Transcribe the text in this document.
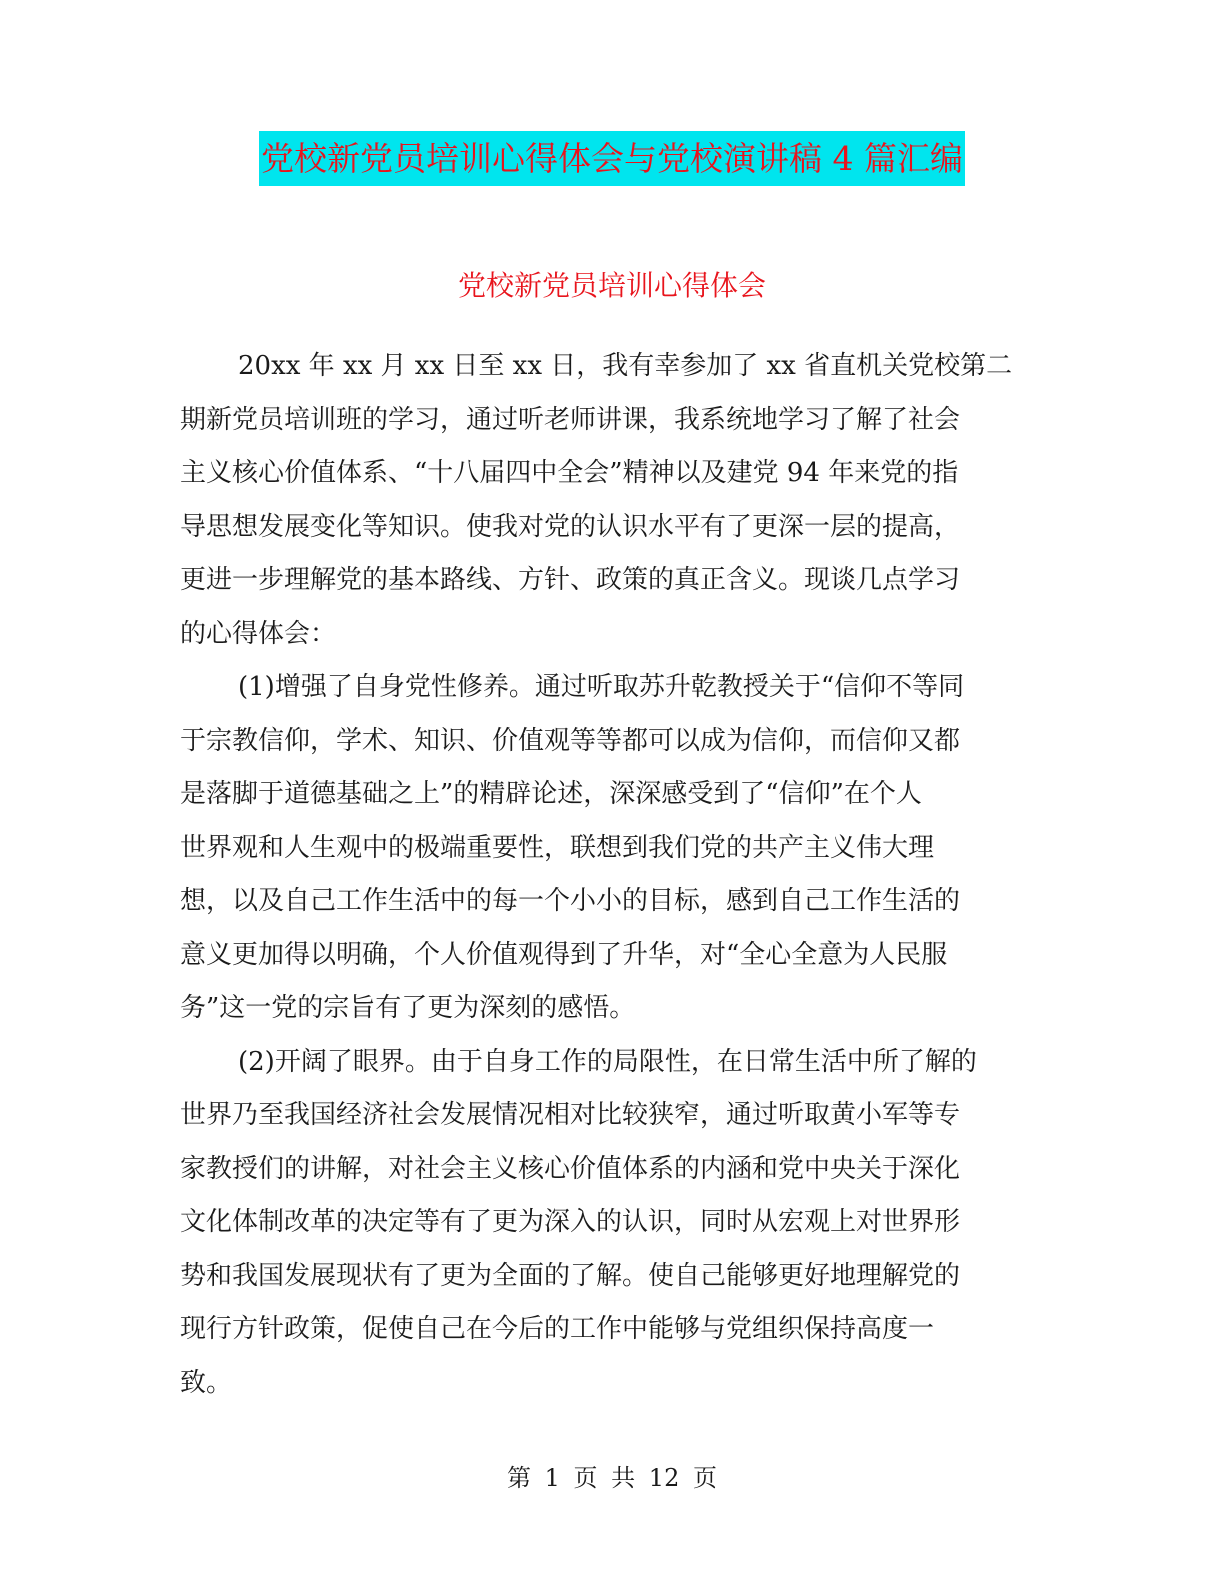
党校新党员培训心得体会与党校演讲稿 4 篇汇编
党校新党员培训心得体会

20xx 年 xx 月 xx 日至 xx 日，我有幸参加了 xx 省直机关党校第二
期新党员培训班的学习，通过听老师讲课，我系统地学习了解了社会
主义核心价值体系、“十八届四中全会”精神以及建党 94 年来党的指
导思想发展变化等知识。使我对党的认识水平有了更深一层的提高，
更进一步理解党的基本路线、方针、政策的真正含义。现谈几点学习
的心得体会：

(1)增强了自身党性修养。通过听取苏升乾教授关于“信仰不等同
于宗教信仰，学术、知识、价值观等等都可以成为信仰，而信仰又都
是落脚于道德基础之上”的精辟论述，深深感受到了“信仰”在个人
世界观和人生观中的极端重要性，联想到我们党的共产主义伟大理
想，以及自己工作生活中的每一个小小的目标，感到自己工作生活的
意义更加得以明确，个人价值观得到了升华，对“全心全意为人民服
务”这一党的宗旨有了更为深刻的感悟。

(2)开阔了眼界。由于自身工作的局限性，在日常生活中所了解的
世界乃至我国经济社会发展情况相对比较狭窄，通过听取黄小军等专
家教授们的讲解，对社会主义核心价值体系的内涵和党中央关于深化
文化体制改革的决定等有了更为深入的认识，同时从宏观上对世界形
势和我国发展现状有了更为全面的了解。使自己能够更好地理解党的
现行方针政策，促使自己在今后的工作中能够与党组织保持高度一
致。

第 1 页 共 12 页
